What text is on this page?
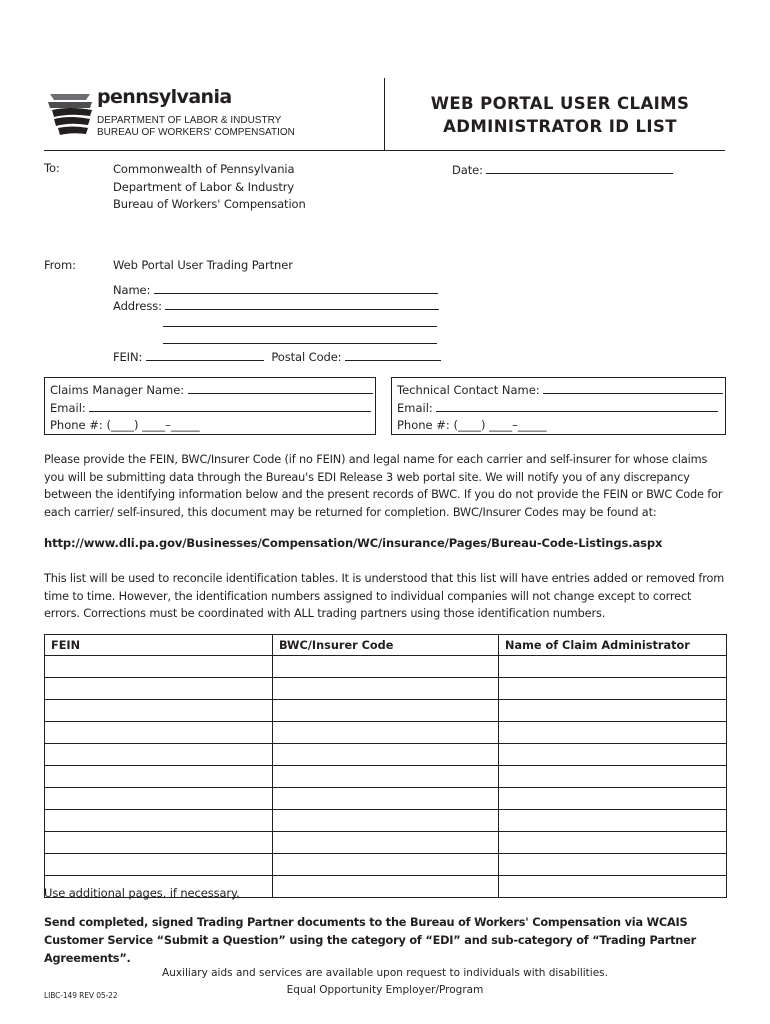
pennsylvania
DEPARTMENT OF LABOR & INDUSTRY
BUREAU OF WORKERS' COMPENSATION
WEB PORTAL USER CLAIMS
ADMINISTRATOR ID LIST
To:	Commonwealth of Pennsylvania
Department of Labor & Industry
Bureau of Workers' Compensation
Date:
From:	Web Portal User Trading Partner
Name:
Address:
FEIN:	Postal Code:
Claims Manager Name:
Email:
Phone #: (____) ____–_____
Technical Contact Name:
Email:
Phone #: (____) ____–_____
Please provide the FEIN, BWC/Insurer Code (if no FEIN) and legal name for each carrier and self-insurer for whose claims you will be submitting data through the Bureau's EDI Release 3 web portal site. We will notify you of any discrepancy between the identifying information below and the present records of BWC. If you do not provide the FEIN or BWC Code for each carrier/ self-insured, this document may be returned for completion. BWC/Insurer Codes may be found at:
http://www.dli.pa.gov/Businesses/Compensation/WC/insurance/Pages/Bureau-Code-Listings.aspx
This list will be used to reconcile identification tables. It is understood that this list will have entries added or removed from time to time. However, the identification numbers assigned to individual companies will not change except to correct errors. Corrections must be coordinated with ALL trading partners using those identification numbers.
FEIN	BWC/Insurer Code	Name of Claim Administrator

Use additional pages, if necessary.
Send completed, signed Trading Partner documents to the Bureau of Workers' Compensation via WCAIS Customer Service “Submit a Question” using the category of “EDI” and sub-category of “Trading Partner Agreements”.
Auxiliary aids and services are available upon request to individuals with disabilities.
Equal Opportunity Employer/Program
LIBC-149 REV 05-22
